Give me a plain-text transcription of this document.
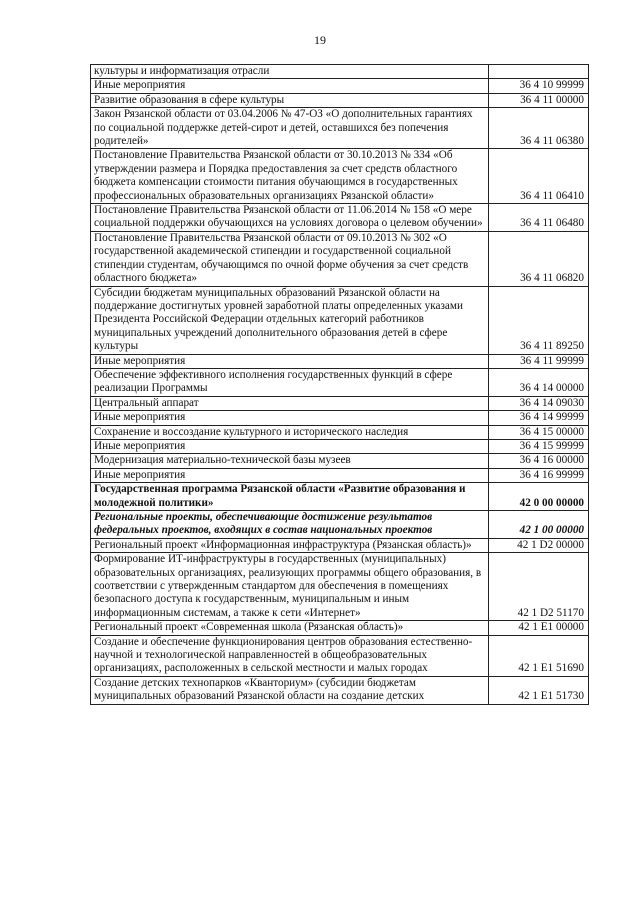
19
культуры и информатизация отрасли	
Иные мероприятия	36 4 10 99999
Развитие образования в сфере культуры	36 4 11 00000
Закон Рязанской области от 03.04.2006 № 47-ОЗ «О дополнительных гарантиях по социальной поддержке детей-сирот и детей, оставшихся без попечения родителей»	36 4 11 06380
Постановление Правительства Рязанской области от 30.10.2013 № 334 «Об утверждении размера и Порядка предоставления за счет средств областного бюджета компенсации стоимости питания обучающимся в государственных профессиональных образовательных организациях Рязанской области»	36 4 11 06410
Постановление Правительства Рязанской области от 11.06.2014 № 158 «О мере социальной поддержки обучающихся на условиях договора о целевом обучении»	36 4 11 06480
Постановление Правительства Рязанской области от 09.10.2013 № 302 «О государственной академической стипендии и государственной социальной стипендии студентам, обучающимся по очной форме обучения за счет средств областного бюджета»	36 4 11 06820
Субсидии бюджетам муниципальных образований Рязанской области на поддержание достигнутых уровней заработной платы определенных указами Президента Российской Федерации отдельных категорий работников муниципальных учреждений дополнительного образования детей в сфере культуры	36 4 11 89250
Иные мероприятия	36 4 11 99999
Обеспечение эффективного исполнения государственных функций в сфере реализации Программы	36 4 14 00000
Центральный аппарат	36 4 14 09030
Иные мероприятия	36 4 14 99999
Сохранение и воссоздание культурного и исторического наследия	36 4 15 00000
Иные мероприятия	36 4 15 99999
Модернизация материально-технической базы музеев	36 4 16 00000
Иные мероприятия	36 4 16 99999
Государственная программа Рязанской области «Развитие образования и молодежной политики»	42 0 00 00000
Региональные проекты, обеспечивающие достижение результатов федеральных проектов, входящих в состав национальных проектов	42 1 00 00000
Региональный проект «Информационная инфраструктура (Рязанская область)»	42 1 D2 00000
Формирование ИТ-инфраструктуры в государственных (муниципальных) образовательных организациях, реализующих программы общего образования, в соответствии с утвержденным стандартом для обеспечения в помещениях безопасного доступа к государственным, муниципальным и иным информационным системам, а также к сети «Интернет»	42 1 D2 51170
Региональный проект «Современная школа (Рязанская область)»	42 1 E1 00000
Создание и обеспечение функционирования центров образования естественно-научной и технологической направленностей в общеобразовательных организациях, расположенных в сельской местности и малых городах	42 1 E1 51690
Создание детских технопарков «Кванториум» (субсидии бюджетам муниципальных образований Рязанской области на создание детских	42 1 E1 51730
